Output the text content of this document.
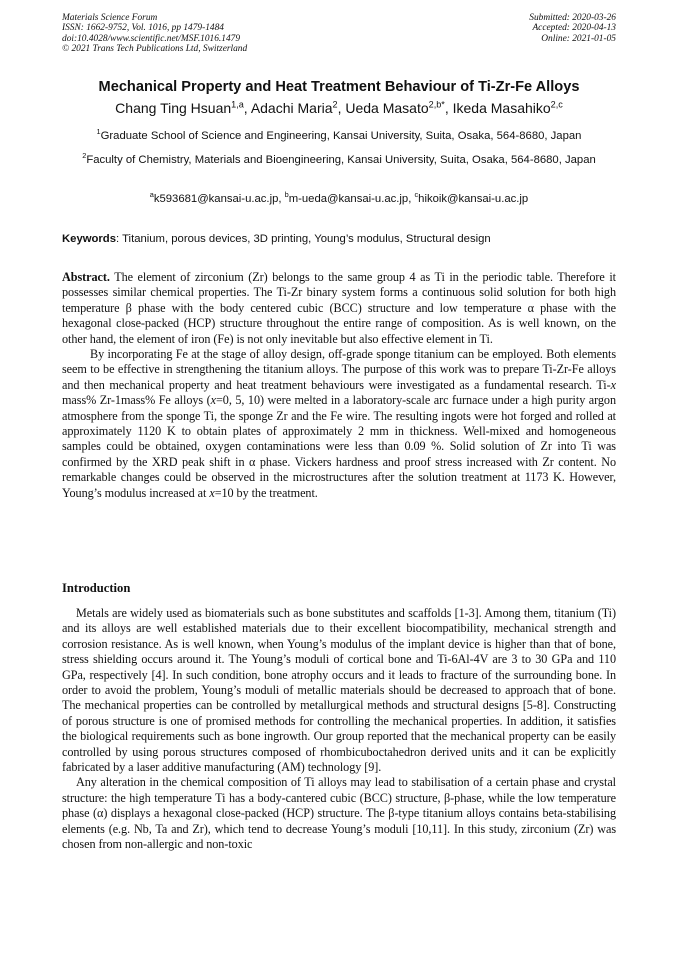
Materials Science Forum
ISSN: 1662-9752, Vol. 1016, pp 1479-1484
doi:10.4028/www.scientific.net/MSF.1016.1479
© 2021 Trans Tech Publications Ltd, Switzerland
Submitted: 2020-03-26
Accepted: 2020-04-13
Online: 2021-01-05
Mechanical Property and Heat Treatment Behaviour of Ti-Zr-Fe Alloys
Chang Ting Hsuan$^{1,a}$, Adachi Maria$^2$, Ueda Masato$^{2,b*}$, Ikeda Masahiko$^{2,c}$
$^1$Graduate School of Science and Engineering, Kansai University, Suita, Osaka, 564-8680, Japan
$^2$Faculty of Chemistry, Materials and Bioengineering, Kansai University, Suita, Osaka, 564-8680, Japan
$^a$k593681@kansai-u.ac.jp, $^b$m-ueda@kansai-u.ac.jp, $^c$hikoik@kansai-u.ac.jp
Keywords: Titanium, porous devices, 3D printing, Young’s modulus, Structural design

Abstract. The element of zirconium (Zr) belongs to the same group 4 as Ti in the periodic table. Therefore it possesses similar chemical properties. The Ti-Zr binary system forms a continuous solid solution for both high temperature β phase with the body centered cubic (BCC) structure and low temperature α phase with the hexagonal close-packed (HCP) structure throughout the entire range of composition. As is well known, on the other hand, the element of iron (Fe) is not only inevitable but also effective element in Ti.

By incorporating Fe at the stage of alloy design, off-grade sponge titanium can be employed. Both elements seem to be effective in strengthening the titanium alloys. The purpose of this work was to prepare Ti-Zr-Fe alloys and then mechanical property and heat treatment behaviours were investigated as a fundamental research. Ti-x mass% Zr-1mass% Fe alloys (x=0, 5, 10) were melted in a laboratory-scale arc furnace under a high purity argon atmosphere from the sponge Ti, the sponge Zr and the Fe wire. The resulting ingots were hot forged and rolled at approximately 1120 K to obtain plates of approximately 2 mm in thickness. Well-mixed and homogeneous samples could be obtained, oxygen contaminations were less than 0.09 %. Solid solution of Zr into Ti was confirmed by the XRD peak shift in α phase. Vickers hardness and proof stress increased with Zr content. No remarkable changes could be observed in the microstructures after the solution treatment at 1173 K. However, Young’s modulus increased at x=10 by the treatment.

Introduction

Metals are widely used as biomaterials such as bone substitutes and scaffolds [1-3]. Among them, titanium (Ti) and its alloys are well established materials due to their excellent biocompatibility, mechanical strength and corrosion resistance. As is well known, when Young’s modulus of the implant device is higher than that of bone, stress shielding occurs around it. The Young’s moduli of cortical bone and Ti-6Al-4V are 3 to 30 GPa and 110 GPa, respectively [4]. In such condition, bone atrophy occurs and it leads to fracture of the surrounding bone. In order to avoid the problem, Young’s moduli of metallic materials should be decreased to approach that of bone. The mechanical properties can be controlled by metallurgical methods and structural designs [5-8]. Constructing of porous structure is one of promised methods for controlling the mechanical properties. In addition, it satisfies the biological requirements such as bone ingrowth. Our group reported that the mechanical property can be easily controlled by using porous structures composed of rhombicuboctahedron derived units and it can be explicitly fabricated by a laser additive manufacturing (AM) technology [9].

Any alteration in the chemical composition of Ti alloys may lead to stabilisation of a certain phase and crystal structure: the high temperature Ti has a body-cantered cubic (BCC) structure, β-phase, while the low temperature phase (α) displays a hexagonal close-packed (HCP) structure. The β-type titanium alloys contains beta-stabilising elements (e.g. Nb, Ta and Zr), which tend to decrease Young’s moduli [10,11]. In this study, zirconium (Zr) was chosen from non-allergic and non-toxic
